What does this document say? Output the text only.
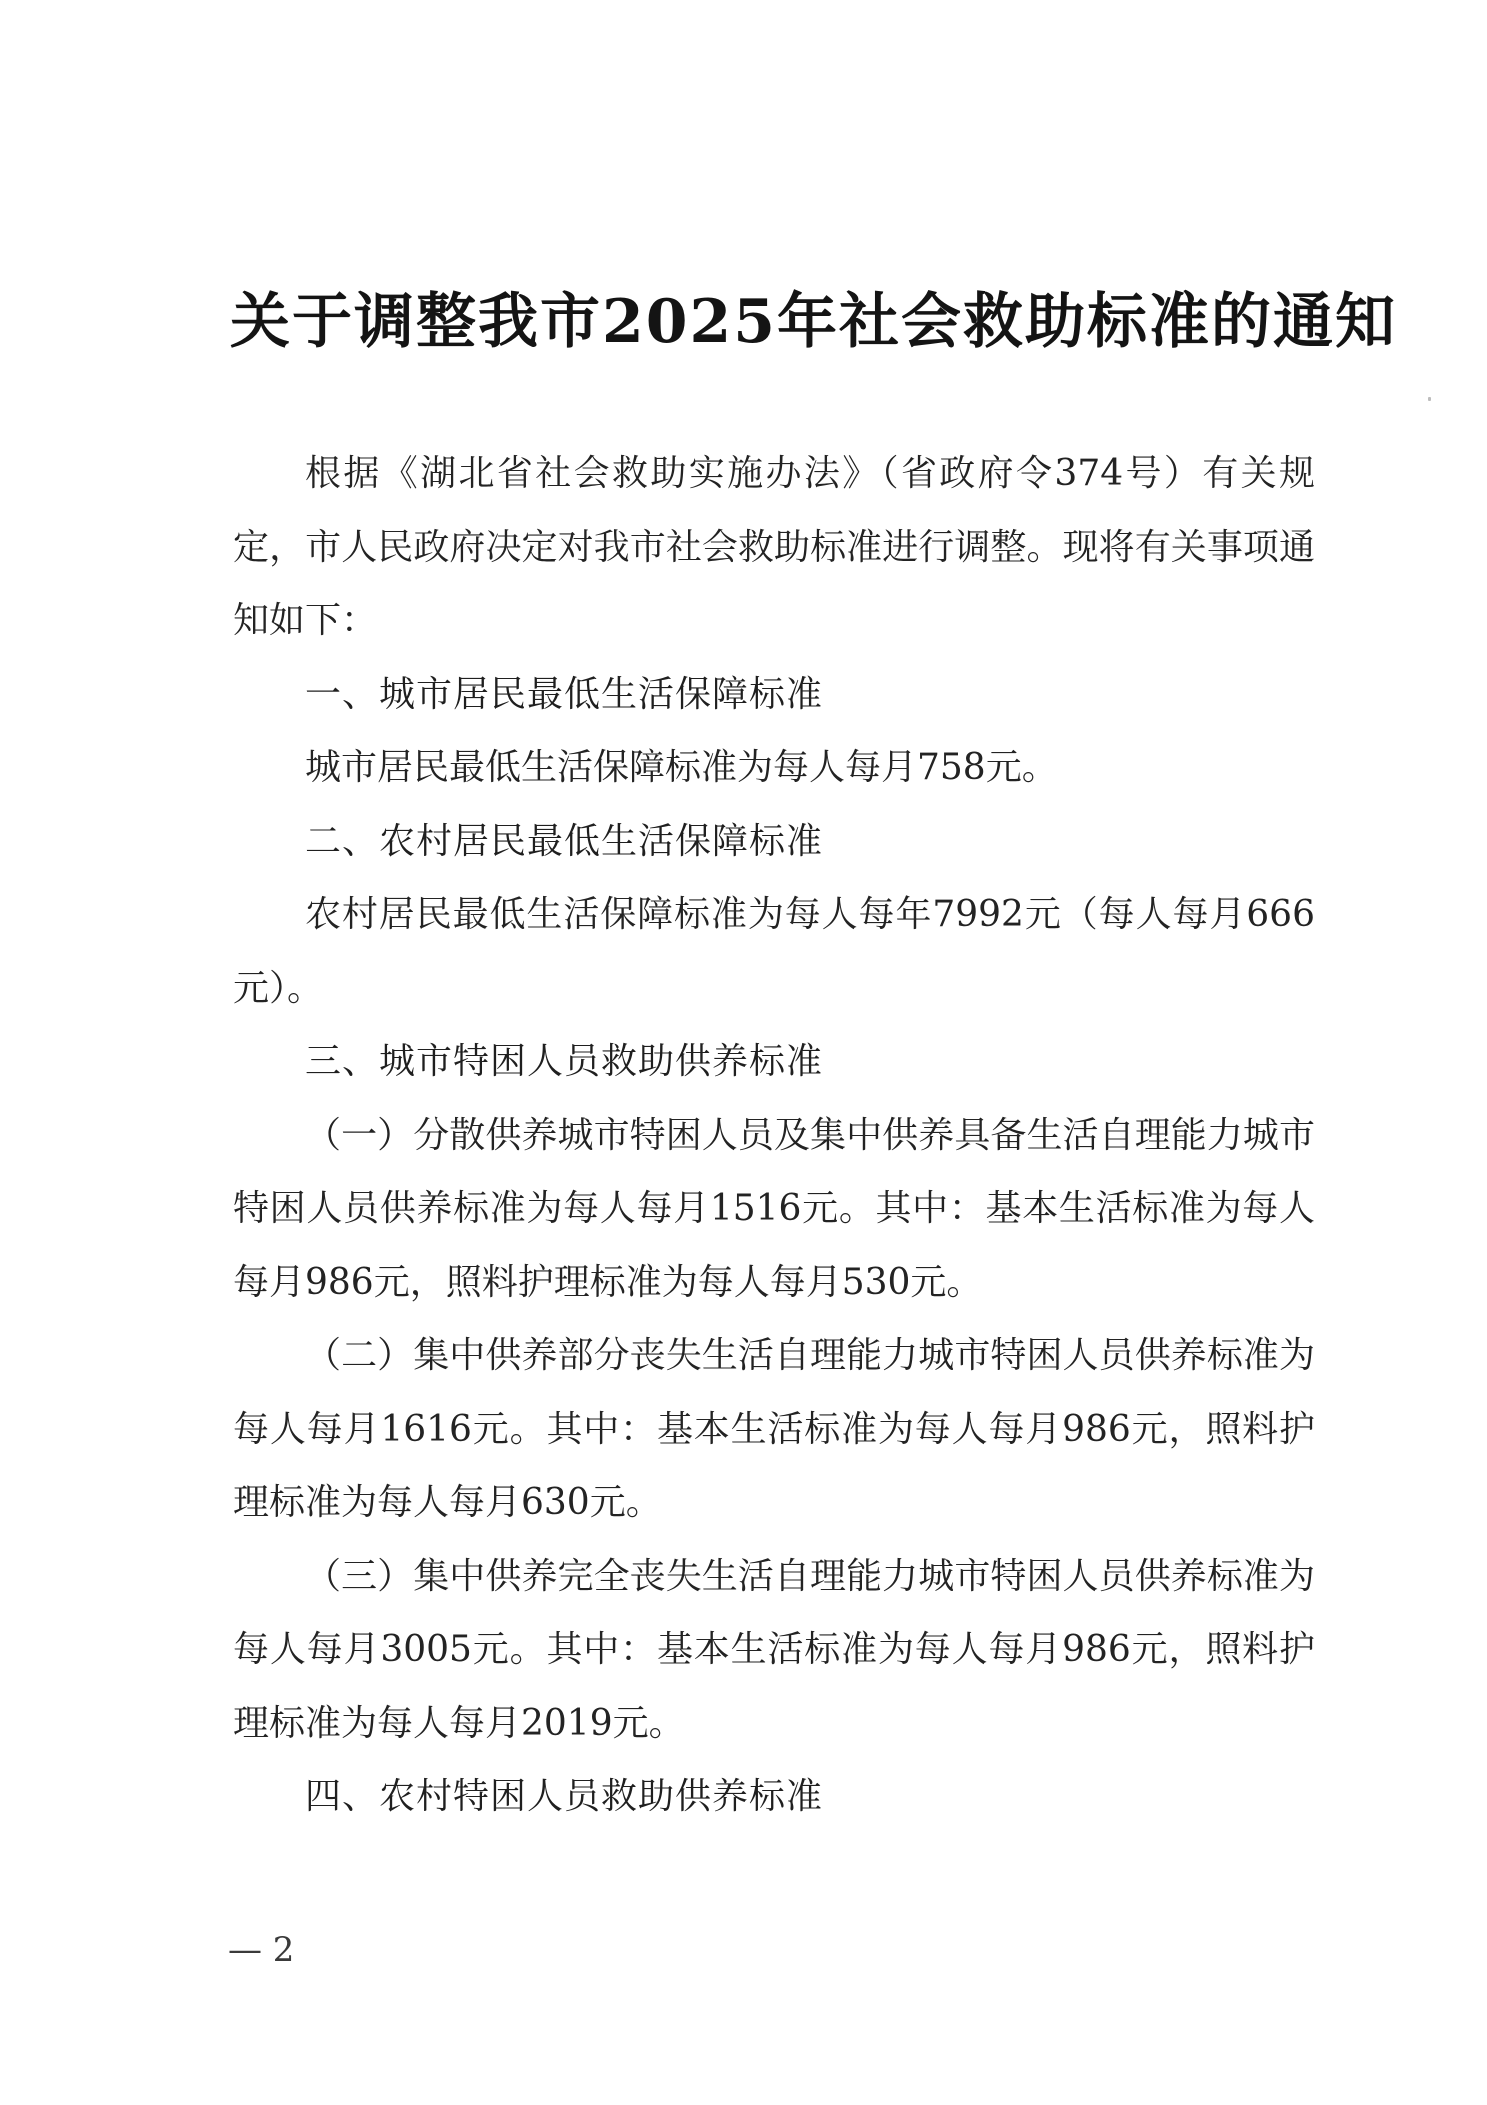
关于调整我市2025年社会救助标准的通知

根据《湖北省社会救助实施办法》（省政府令374号）有关规定，市人民政府决定对我市社会救助标准进行调整。现将有关事项通知如下：

一、城市居民最低生活保障标准

城市居民最低生活保障标准为每人每月758元。

二、农村居民最低生活保障标准

农村居民最低生活保障标准为每人每年7992元（每人每月666元）。

三、城市特困人员救助供养标准

（一）分散供养城市特困人员及集中供养具备生活自理能力城市特困人员供养标准为每人每月1516元。其中：基本生活标准为每人每月986元，照料护理标准为每人每月530元。

（二）集中供养部分丧失生活自理能力城市特困人员供养标准为每人每月1616元。其中：基本生活标准为每人每月986元，照料护理标准为每人每月630元。

（三）集中供养完全丧失生活自理能力城市特困人员供养标准为每人每月3005元。其中：基本生活标准为每人每月986元，照料护理标准为每人每月2019元。

四、农村特困人员救助供养标准

— 2
